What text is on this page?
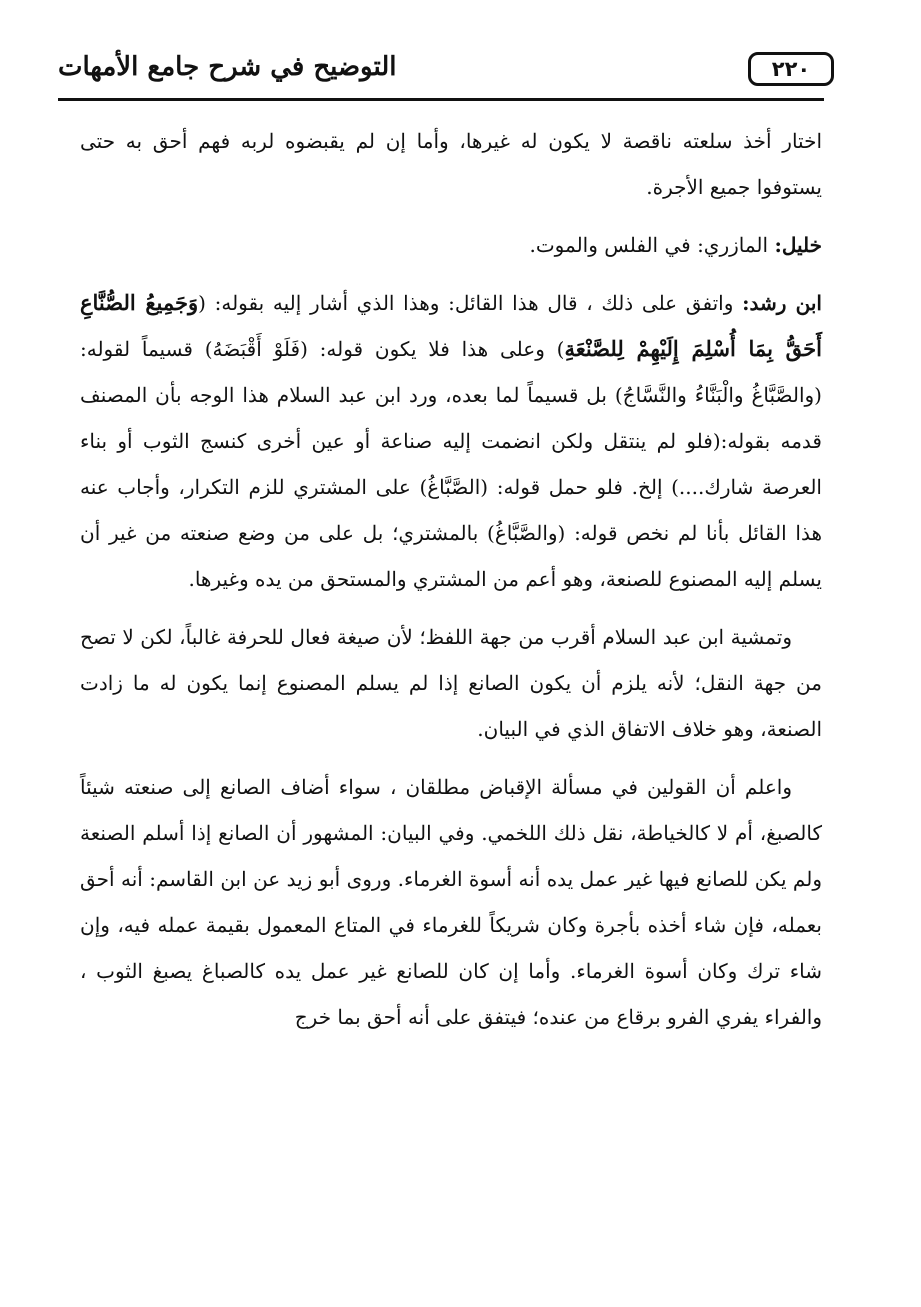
٢٢٠
التوضيح في شرح جامع الأمهات

اختار أخذ سلعته ناقصة لا يكون له غيرها، وأما إن لم يقبضوه لربه فهم أحق به حتى يستوفوا جميع الأجرة.

خليل: المازري: في الفلس والموت.

ابن رشد: واتفق على ذلك ، قال هذا القائل: وهذا الذي أشار إليه بقوله: (وَجَمِيعُ الصُّنَّاعِ أَحَقُّ بِمَا أُسْلِمَ إِلَيْهِمْ لِلصَّنْعَةِ) وعلى هذا فلا يكون قوله: (فَلَوْ أَقْبَضَهُ) قسيماً لقوله: (والصَّبَّاغُ والْبَنَّاءُ والنَّسَّاجُ) بل قسيماً لما بعده، ورد ابن عبد السلام هذا الوجه بأن المصنف قدمه بقوله:(فلو لم ينتقل ولكن انضمت إليه صناعة أو عين أخرى كنسج الثوب أو بناء العرصة شارك....) إلخ. فلو حمل قوله: (الصَّبَّاغُ) على المشتري للزم التكرار، وأجاب عنه هذا القائل بأنا لم نخص قوله: (والصَّبَّاغُ) بالمشتري؛ بل على من وضع صنعته من غير أن يسلم إليه المصنوع للصنعة، وهو أعم من المشتري والمستحق من يده وغيرها.

وتمشية ابن عبد السلام أقرب من جهة اللفظ؛ لأن صيغة فعال للحرفة غالباً، لكن لا تصح من جهة النقل؛ لأنه يلزم أن يكون الصانع إذا لم يسلم المصنوع إنما يكون له ما زادت الصنعة، وهو خلاف الاتفاق الذي في البيان.

واعلم أن القولين في مسألة الإقباض مطلقان ، سواء أضاف الصانع إلى صنعته شيئاً كالصبغ، أم لا كالخياطة، نقل ذلك اللخمي. وفي البيان: المشهور أن الصانع إذا أسلم الصنعة ولم يكن للصانع فيها غير عمل يده أنه أسوة الغرماء. وروى أبو زيد عن ابن القاسم: أنه أحق بعمله، فإن شاء أخذه بأجرة وكان شريكاً للغرماء في المتاع المعمول بقيمة عمله فيه، وإن شاء ترك وكان أسوة الغرماء. وأما إن كان للصانع غير عمل يده كالصباغ يصبغ الثوب ، والفراء يفري الفرو برقاع من عنده؛ فيتفق على أنه أحق بما خرج
